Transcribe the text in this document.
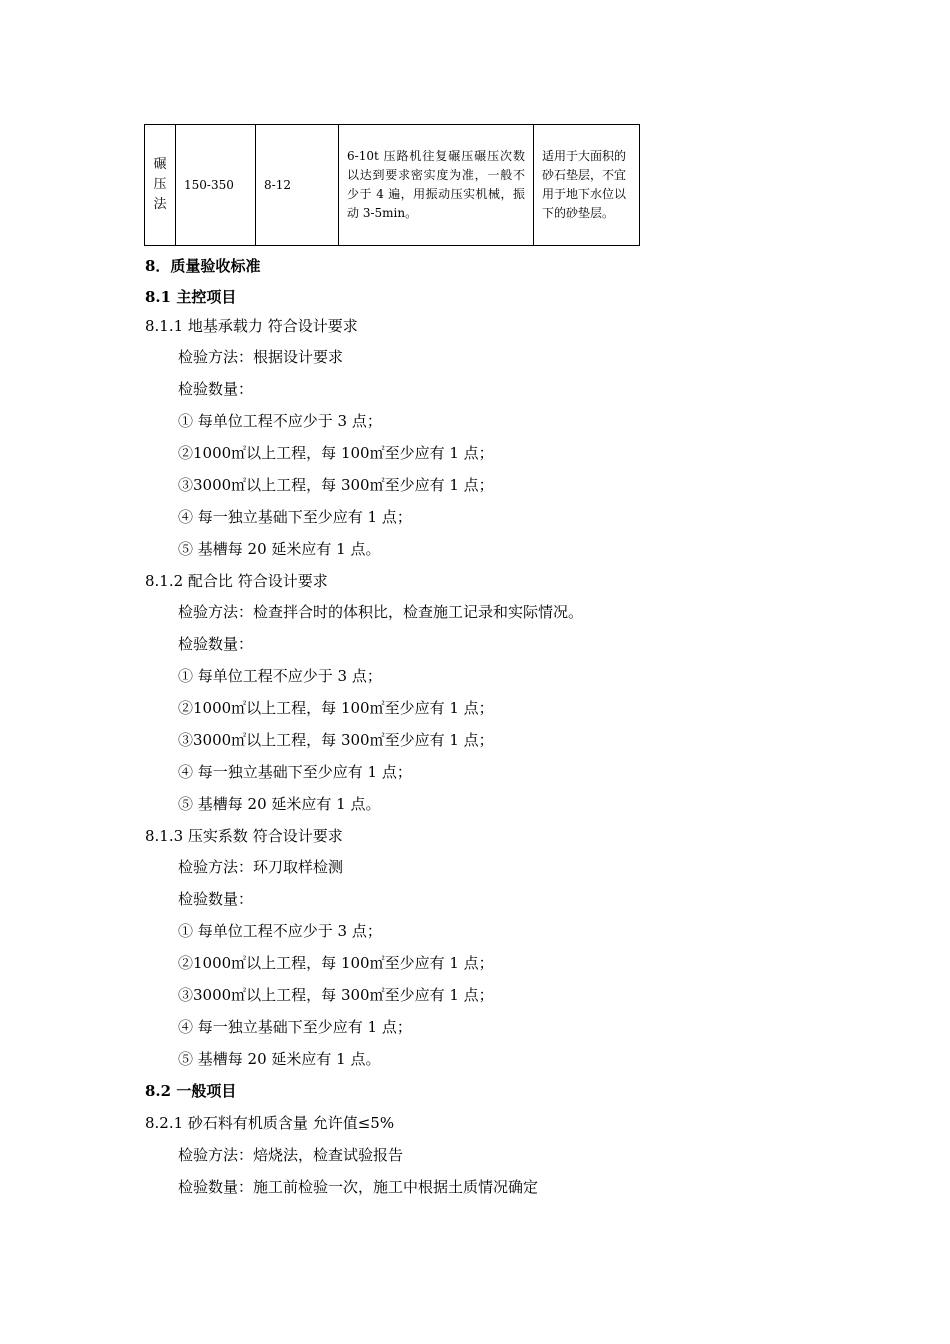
碾压法	150-350	8-12	6-10t 压路机往复碾压碾压次数以达到要求密实度为准，一般不少于 4 遍，用振动压实机械，振动 3-5min。	适用于大面积的砂石垫层，不宜用于地下水位以下的砂垫层。

8．质量验收标准

8.1 主控项目

8.1.1 地基承载力 符合设计要求

检验方法：根据设计要求

检验数量：

① 每单位工程不应少于 3 点；

②1000㎡以上工程，每 100㎡至少应有 1 点；

③3000㎡以上工程，每 300㎡至少应有 1 点；

④ 每一独立基础下至少应有 1 点；

⑤ 基槽每 20 延米应有 1 点。

8.1.2 配合比 符合设计要求

检验方法：检查拌合时的体积比，检查施工记录和实际情况。

检验数量：

① 每单位工程不应少于 3 点；

②1000㎡以上工程，每 100㎡至少应有 1 点；

③3000㎡以上工程，每 300㎡至少应有 1 点；

④ 每一独立基础下至少应有 1 点；

⑤ 基槽每 20 延米应有 1 点。

8.1.3 压实系数 符合设计要求

检验方法：环刀取样检测

检验数量：

① 每单位工程不应少于 3 点；

②1000㎡以上工程，每 100㎡至少应有 1 点；

③3000㎡以上工程，每 300㎡至少应有 1 点；

④ 每一独立基础下至少应有 1 点；

⑤ 基槽每 20 延米应有 1 点。

8.2 一般项目

8.2.1 砂石料有机质含量 允许值≤5%

检验方法：焙烧法，检查试验报告

检验数量：施工前检验一次，施工中根据土质情况确定
